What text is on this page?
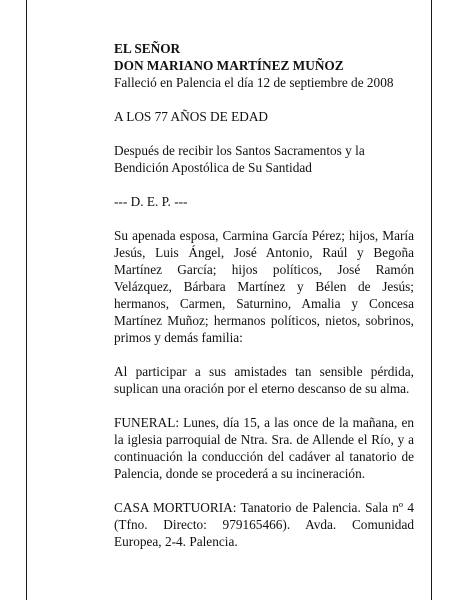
EL SEÑOR

DON MARIANO MARTÍNEZ MUÑOZ

Falleció en Palencia el día 12 de septiembre de 2008

A LOS 77 AÑOS DE EDAD

Después de recibir los Santos Sacramentos y la Bendición Apostólica de Su Santidad

--- D. E. P. ---

Su apenada esposa, Carmina García Pérez; hijos, María Jesús, Luis Ángel, José Antonio, Raúl y Begoña Martínez García; hijos políticos, José Ramón Velázquez, Bárbara Martínez y Bélen de Jesús; hermanos, Carmen, Saturnino, Amalia y Concesa Martínez Muñoz; hermanos políticos, nietos, sobrinos, primos y demás familia:

Al participar a sus amistades tan sensible pérdida, suplican una oración por el eterno descanso de su alma.

FUNERAL: Lunes, día 15, a las once de la mañana, en la iglesia parroquial de Ntra. Sra. de Allende el Río, y a continuación la conducción del cadáver al tanatorio de Palencia, donde se procederá a su incineración.

CASA MORTUORIA: Tanatorio de Palencia. Sala nº 4 (Tfno. Directo: 979165466). Avda. Comunidad Europea, 2-4. Palencia.
